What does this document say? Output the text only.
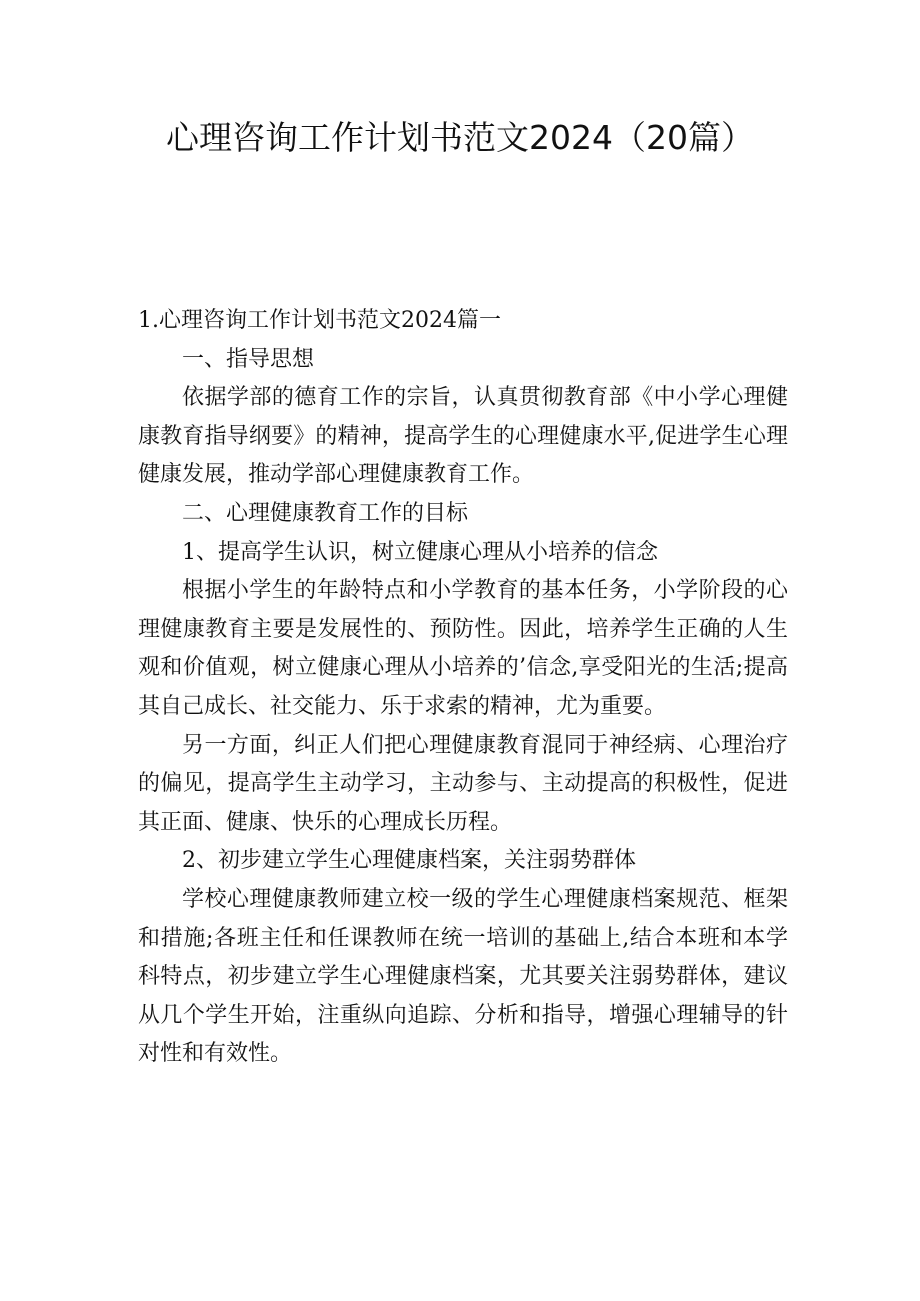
心理咨询工作计划书范文2024（20篇）

1.心理咨询工作计划书范文2024篇一

一、指导思想

依据学部的德育工作的宗旨，认真贯彻教育部《中小学心理健康教育指导纲要》的精神，提高学生的心理健康水平,促进学生心理健康发展，推动学部心理健康教育工作。

二、心理健康教育工作的目标

1、提高学生认识，树立健康心理从小培养的信念

根据小学生的年龄特点和小学教育的基本任务，小学阶段的心理健康教育主要是发展性的、预防性。因此，培养学生正确的人生观和价值观，树立健康心理从小培养的’信念,享受阳光的生活;提高其自己成长、社交能力、乐于求索的精神，尤为重要。

另一方面，纠正人们把心理健康教育混同于神经病、心理治疗的偏见，提高学生主动学习，主动参与、主动提高的积极性，促进其正面、健康、快乐的心理成长历程。

2、初步建立学生心理健康档案，关注弱势群体

学校心理健康教师建立校一级的学生心理健康档案规范、框架和措施;各班主任和任课教师在统一培训的基础上,结合本班和本学科特点，初步建立学生心理健康档案，尤其要关注弱势群体，建议从几个学生开始，注重纵向追踪、分析和指导，增强心理辅导的针对性和有效性。
